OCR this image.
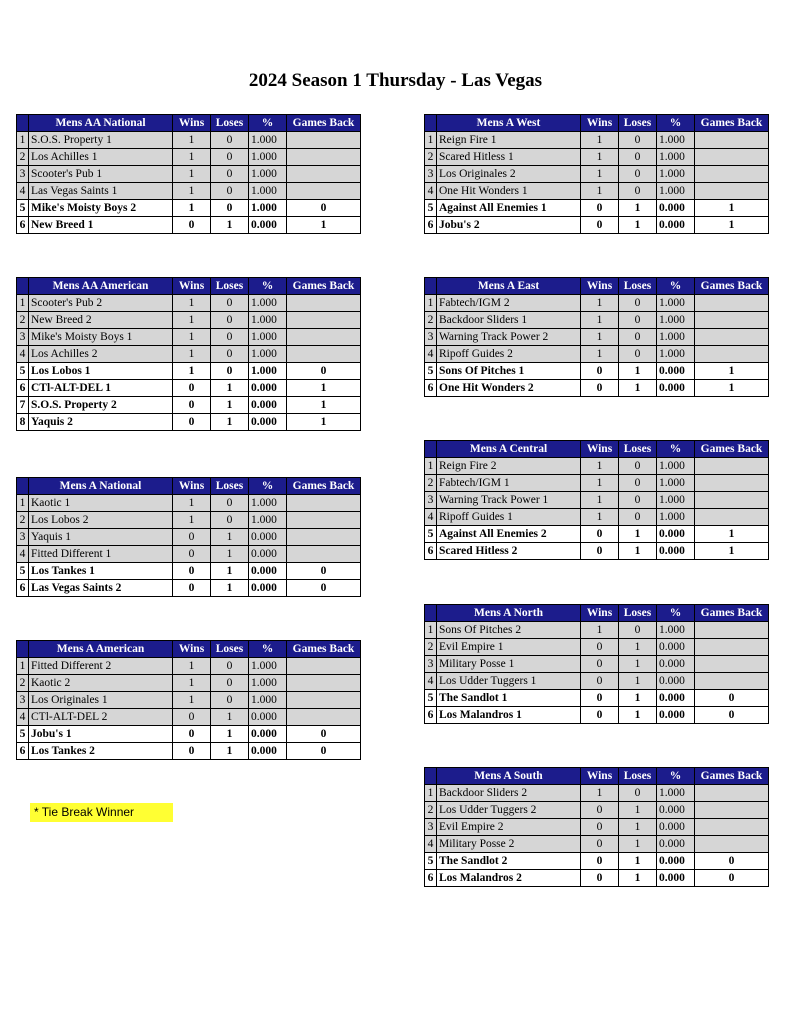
2024 Season 1 Thursday - Las Vegas
	Mens AA National	Wins	Loses	%	Games Back
1	S.O.S. Property 1	1	0	1.000	
2	Los Achilles 1	1	0	1.000	
3	Scooter's Pub 1	1	0	1.000	
4	Las Vegas Saints 1	1	0	1.000	
5	Mike's Moisty Boys 2	1	0	1.000	0
6	New Breed 1	0	1	0.000	1
	Mens AA American	Wins	Loses	%	Games Back
1	Scooter's Pub 2	1	0	1.000	
2	New Breed 2	1	0	1.000	
3	Mike's Moisty Boys 1	1	0	1.000	
4	Los Achilles 2	1	0	1.000	
5	Los Lobos 1	1	0	1.000	0
6	CTl-ALT-DEL 1	0	1	0.000	1
7	S.O.S. Property 2	0	1	0.000	1
8	Yaquis 2	0	1	0.000	1
	Mens A National	Wins	Loses	%	Games Back
1	Kaotic 1	1	0	1.000	
2	Los Lobos 2	1	0	1.000	
3	Yaquis 1	0	1	0.000	
4	Fitted Different 1	0	1	0.000	
5	Los Tankes 1	0	1	0.000	0
6	Las Vegas Saints 2	0	1	0.000	0
	Mens A American	Wins	Loses	%	Games Back
1	Fitted Different 2	1	0	1.000	
2	Kaotic 2	1	0	1.000	
3	Los Originales 1	1	0	1.000	
4	CTl-ALT-DEL 2	0	1	0.000	
5	Jobu's 1	0	1	0.000	0
6	Los Tankes 2	0	1	0.000	0
	Mens A West	Wins	Loses	%	Games Back
1	Reign Fire 1	1	0	1.000	
2	Scared Hitless 1	1	0	1.000	
3	Los Originales 2	1	0	1.000	
4	One Hit Wonders 1	1	0	1.000	
5	Against All Enemies 1	0	1	0.000	1
6	Jobu's 2	0	1	0.000	1
	Mens A East	Wins	Loses	%	Games Back
1	Fabtech/IGM 2	1	0	1.000	
2	Backdoor Sliders 1	1	0	1.000	
3	Warning Track Power 2	1	0	1.000	
4	Ripoff Guides 2	1	0	1.000	
5	Sons Of Pitches 1	0	1	0.000	1
6	One Hit Wonders 2	0	1	0.000	1
	Mens A Central	Wins	Loses	%	Games Back
1	Reign Fire 2	1	0	1.000	
2	Fabtech/IGM 1	1	0	1.000	
3	Warning Track Power 1	1	0	1.000	
4	Ripoff Guides 1	1	0	1.000	
5	Against All Enemies 2	0	1	0.000	1
6	Scared Hitless 2	0	1	0.000	1
	Mens A North	Wins	Loses	%	Games Back
1	Sons Of Pitches 2	1	0	1.000	
2	Evil Empire 1	0	1	0.000	
3	Military Posse 1	0	1	0.000	
4	Los Udder Tuggers 1	0	1	0.000	
5	The Sandlot 1	0	1	0.000	0
6	Los Malandros 1	0	1	0.000	0
	Mens A South	Wins	Loses	%	Games Back
1	Backdoor Sliders 2	1	0	1.000	
2	Los Udder Tuggers 2	0	1	0.000	
3	Evil Empire 2	0	1	0.000	
4	Military Posse 2	0	1	0.000	
5	The Sandlot 2	0	1	0.000	0
6	Los Malandros 2	0	1	0.000	0
* Tie Break Winner
